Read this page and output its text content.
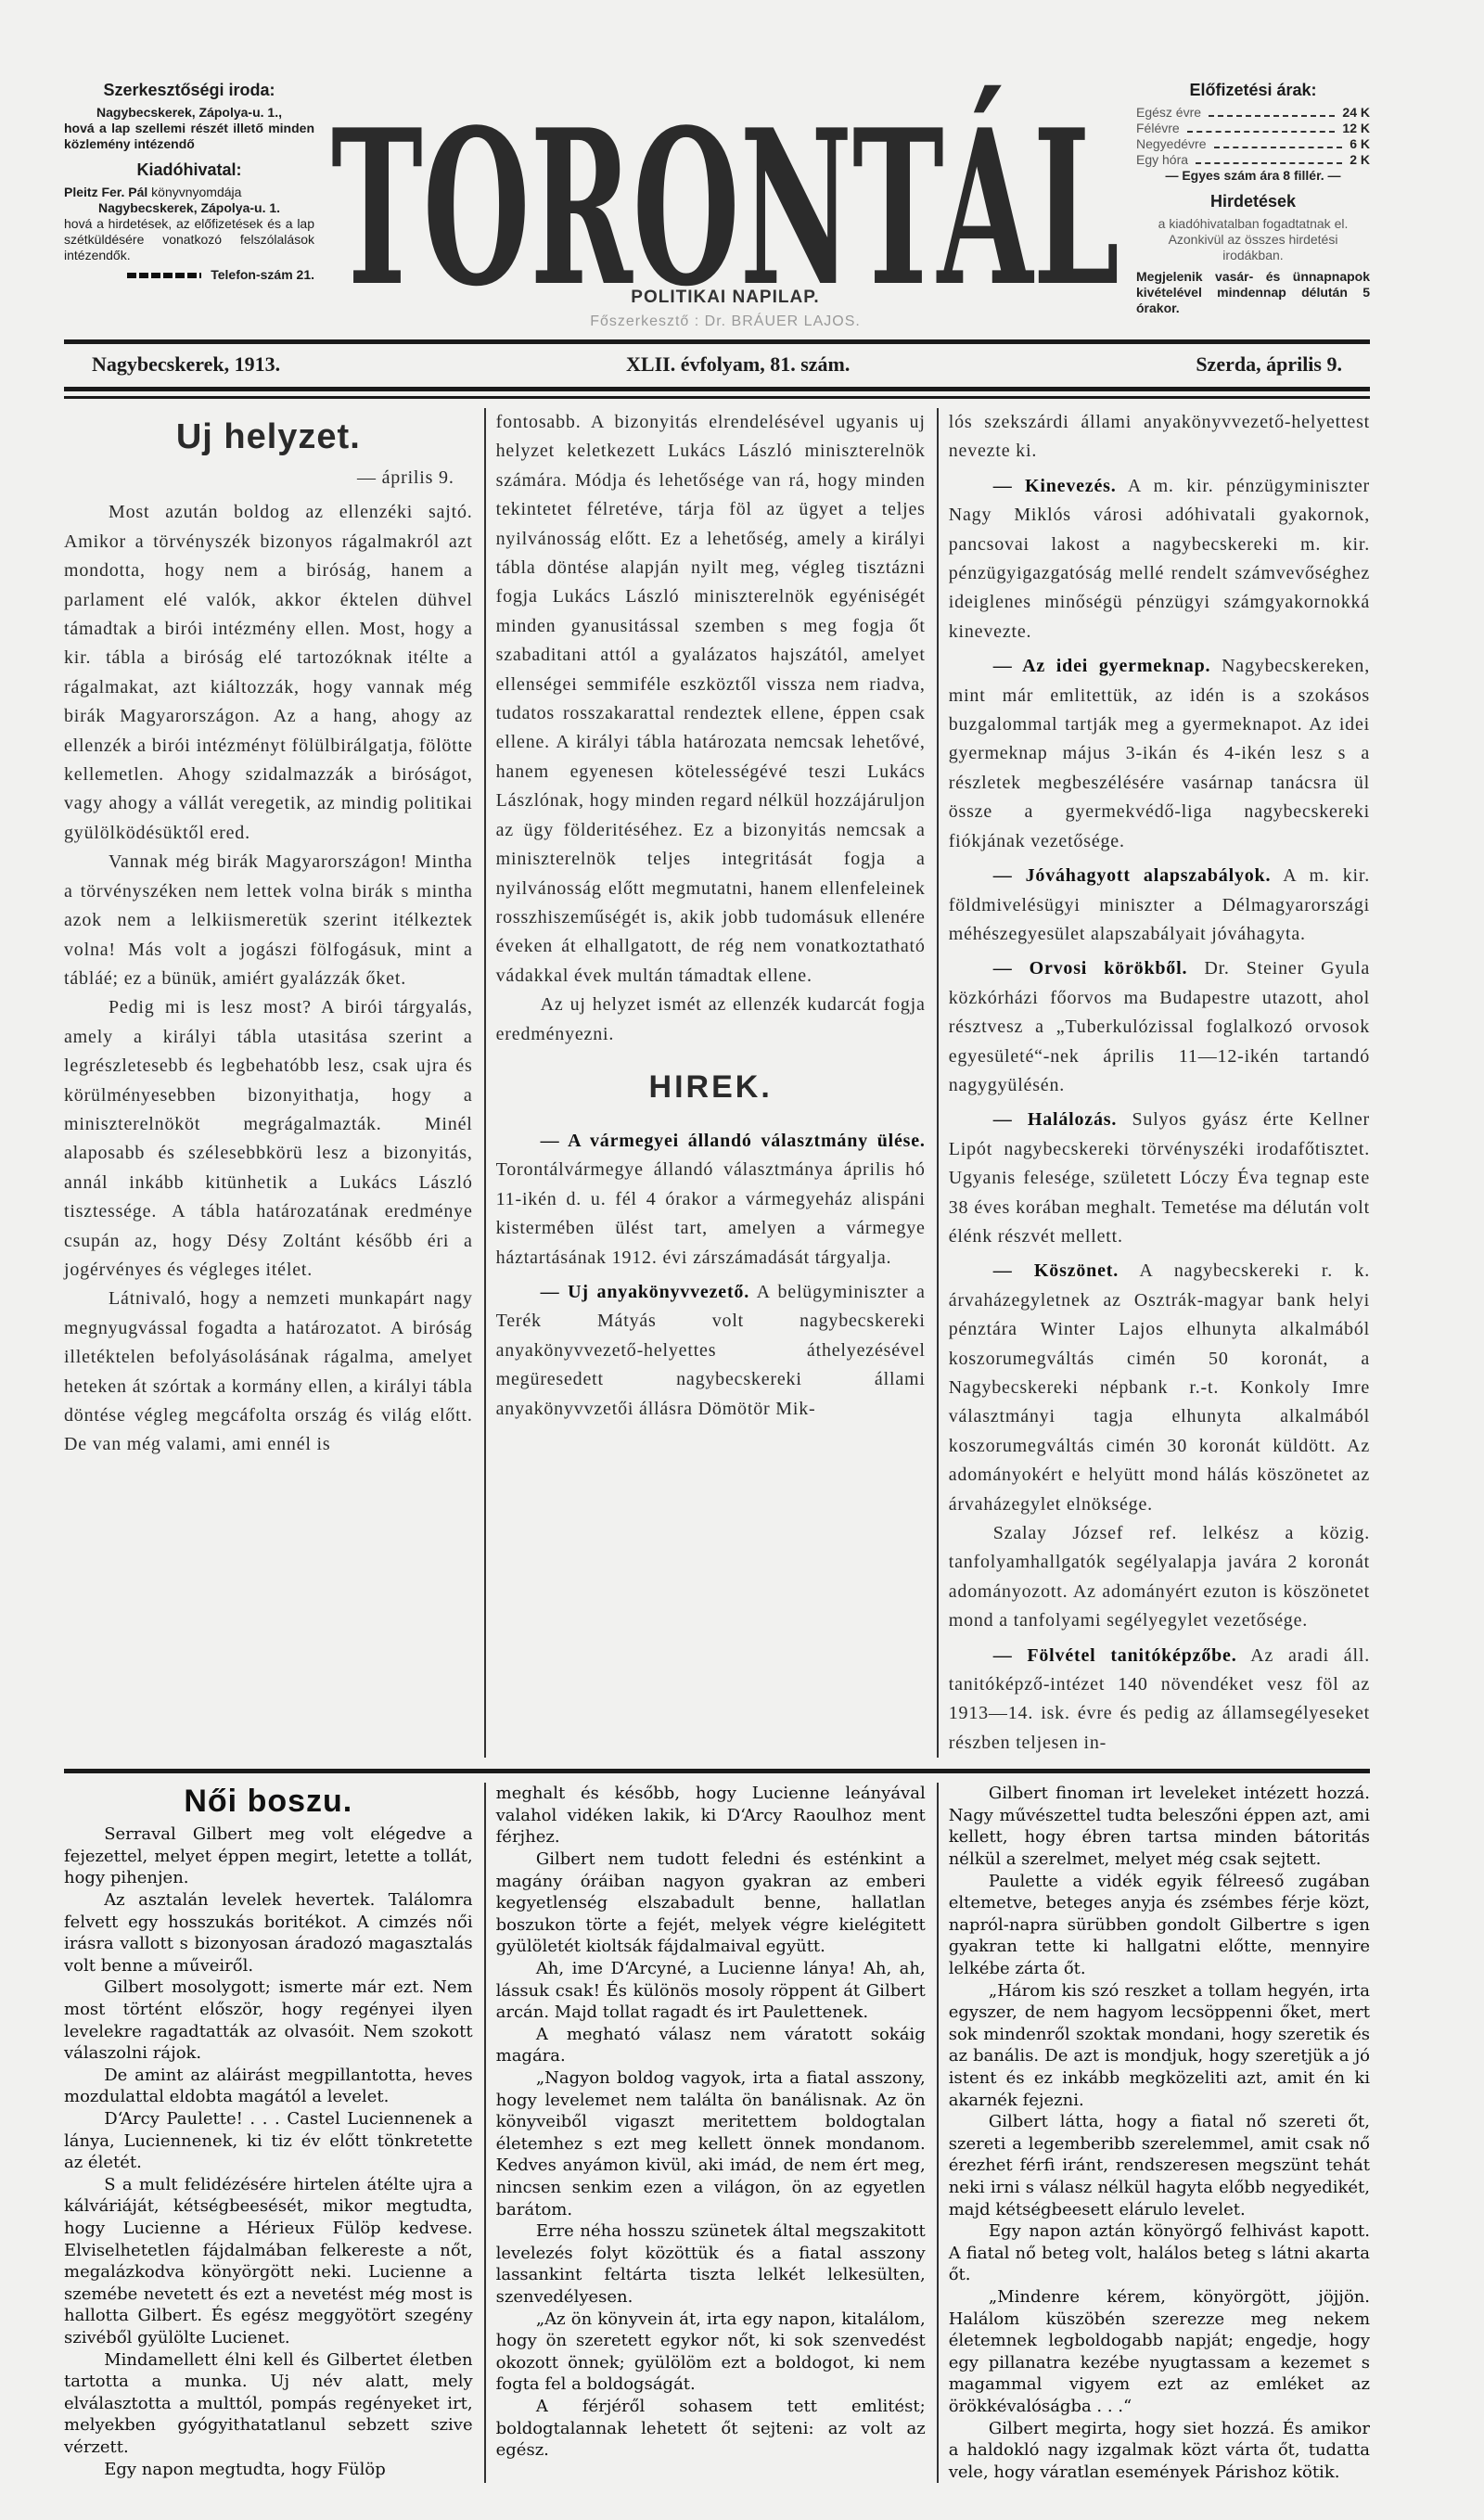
Szerkesztőségi iroda:
Nagybecskerek, Zápolya-u. 1.,
hová a lap szellemi részét illető minden közlemény intézendő
Kiadóhivatal:
Pleitz Fer. Pál könyvnyomdája
Nagybecskerek, Zápolya-u. 1.
hová a hirdetések, az előfizetések és a lap szétküldésére vonatkozó felszólalások intézendők.
Telefon-szám 21. TORONTÁL
POLITIKAI NAPILAP.
Főszerkesztő : Dr. BRÁUER LAJOS.
Előfizetési árak:
Egész évre	24 K
Félévre	12 K
Negyedévre	6 K
Egy hóra	2 K
— Egyes szám ára 8 fillér. —
Hirdetések
a kiadóhivatalban fogadtatnak el. Azonkivül az összes hirdetési irodákban.
Megjelenik vasár- és ünnapnapok kivételével mindennap délután 5 órakor.
Nagybecskerek, 1913.	XLII. évfolyam, 81. szám.	Szerda, április 9.
Uj helyzet.

— április 9.

Most azután boldog az ellenzéki sajtó. Amikor a törvényszék bizonyos rágalmakról azt mondotta, hogy nem a biróság, hanem a parlament elé valók, akkor éktelen dühvel támadtak a birói intézmény ellen. Most, hogy a kir. tábla a biróság elé tartozóknak itélte a rágalmakat, azt kiáltozzák, hogy vannak még birák Magyarországon. Az a hang, ahogy az ellenzék a birói intézményt fölülbirálgatja, fölötte kellemetlen. Ahogy szidalmazzák a biróságot, vagy ahogy a vállát veregetik, az mindig politikai gyülölködésüktől ered.

Vannak még birák Magyarországon! Mintha a törvényszéken nem lettek volna birák s mintha azok nem a lelkiismeretük szerint itélkeztek volna! Más volt a jogászi fölfogásuk, mint a tábláé; ez a bünük, amiért gyalázzák őket.

Pedig mi is lesz most? A birói tárgyalás, amely a királyi tábla utasitása szerint a legrészletesebb és legbehatóbb lesz, csak ujra és körülményesebben bizonyithatja, hogy a miniszterelnököt megrágalmazták. Minél alaposabb és szélesebbkörü lesz a bizonyitás, annál inkább kitünhetik a Lukács László tisztessége. A tábla határozatának eredménye csupán az, hogy Désy Zoltánt később éri a jogérvényes és végleges itélet.

Látnivaló, hogy a nemzeti munkapárt nagy megnyugvással fogadta a határozatot. A biróság illetéktelen befolyásolásának rágalma, amelyet heteken át szórtak a kormány ellen, a királyi tábla döntése végleg megcáfolta ország és világ előtt. De van még valami, ami ennél is

fontosabb. A bizonyitás elrendelésével ugyanis uj helyzet keletkezett Lukács László miniszterelnök számára. Módja és lehetősége van rá, hogy minden tekintetet félretéve, tárja föl az ügyet a teljes nyilvánosság előtt. Ez a lehetőség, amely a királyi tábla döntése alapján nyilt meg, végleg tisztázni fogja Lukács László miniszterelnök egyéniségét minden gyanusitással szemben s meg fogja őt szabaditani attól a gyalázatos hajszától, amelyet ellenségei semmiféle eszköztől vissza nem riadva, tudatos rosszakarattal rendeztek ellene, éppen csak ellene. A királyi tábla határozata nemcsak lehetővé, hanem egyenesen kötelességévé teszi Lukács Lászlónak, hogy minden regard nélkül hozzájáruljon az ügy földeritéséhez. Ez a bizonyitás nemcsak a miniszterelnök teljes integritását fogja a nyilvánosság előtt megmutatni, hanem ellenfeleinek rosszhiszeműségét is, akik jobb tudomásuk ellenére éveken át elhallgatott, de rég nem vonatkoztatható vádakkal évek multán támadtak ellene.

Az uj helyzet ismét az ellenzék kudarcát fogja eredményezni.

HIREK.

— A vármegyei állandó választmány ülése. Torontálvármegye állandó választmánya április hó 11-ikén d. u. fél 4 órakor a vármegyeház alispáni kistermében ülést tart, amelyen a vármegye háztartásának 1912. évi zárszámadását tárgyalja.

— Uj anyakönyvvezető. A belügyminiszter a Terék Mátyás volt nagybecskereki anyakönyvvezető-helyettes áthelyezésével megüresedett nagybecskereki állami anyakönyvvzetői állásra Dömötör Mik-

lós szekszárdi állami anyakönyvvezető-helyettest nevezte ki.

— Kinevezés. A m. kir. pénzügyminiszter Nagy Miklós városi adóhivatali gyakornok, pancsovai lakost a nagybecskereki m. kir. pénzügyigazgatóság mellé rendelt számvevőséghez ideiglenes minőségü pénzügyi számgyakornokká kinevezte.

— Az idei gyermeknap. Nagybecskereken, mint már emlitettük, az idén is a szokásos buzgalommal tartják meg a gyermeknapot. Az idei gyermeknap május 3-ikán és 4-ikén lesz s a részletek megbeszélésére vasárnap tanácsra ül össze a gyermekvédő-liga nagybecskereki fiókjának vezetősége.

— Jóváhagyott alapszabályok. A m. kir. földmivelésügyi miniszter a Délmagyarországi méhészegyesület alapszabályait jóváhagyta.

— Orvosi körökből. Dr. Steiner Gyula közkórházi főorvos ma Budapestre utazott, ahol résztvesz a „Tuberkulózissal foglalkozó orvosok egyesületé“-nek április 11—12-ikén tartandó nagygyülésén.

— Halálozás. Sulyos gyász érte Kellner Lipót nagybecskereki törvényszéki irodafőtisztet. Ugyanis felesége, született Lóczy Éva tegnap este 38 éves korában meghalt. Temetése ma délután volt élénk részvét mellett.

— Köszönet. A nagybecskereki r. k. árvaházegyletnek az Osztrák-magyar bank helyi pénztára Winter Lajos elhunyta alkalmából koszorumegváltás cimén 50 koronát, a Nagybecskereki népbank r.-t. Konkoly Imre választmányi tagja elhunyta alkalmából koszorumegváltás cimén 30 koronát küldött. Az adományokért e helyütt mond hálás köszönetet az árvaházegylet elnöksége.

Szalay József ref. lelkész a közig. tanfolyamhallgatók segélyalapja javára 2 koronát adományozott. Az adományért ezuton is köszönetet mond a tanfolyami segélyegylet vezetősége.

— Fölvétel tanitóképzőbe. Az aradi áll. tanitóképző-intézet 140 növendéket vesz föl az 1913—14. isk. évre és pedig az államsegélyeseket részben teljesen in-

Női boszu.

Serraval Gilbert meg volt elégedve a fejezettel, melyet éppen megirt, letette a tollát, hogy pihenjen.

Az asztalán levelek hevertek. Találomra felvett egy hosszukás boritékot. A cimzés női irásra vallott s bizonyosan áradozó magasztalás volt benne a műveiről.

Gilbert mosolygott; ismerte már ezt. Nem most történt először, hogy regényei ilyen levelekre ragadtatták az olvasóit. Nem szokott válaszolni rájok.

De amint az aláirást megpillantotta, heves mozdulattal eldobta magától a levelet.

D‘Arcy Paulette! . . . Castel Luciennenek a lánya, Luciennenek, ki tiz év előtt tönkretette az életét.

S a mult felidézésére hirtelen átélte ujra a kálváriáját, kétségbeesését, mikor megtudta, hogy Lucienne a Hérieux Fülöp kedvese. Elviselhetetlen fájdalmában felkereste a nőt, megalázkodva könyörgött neki. Lucienne a szemébe nevetett és ezt a nevetést még most is hallotta Gilbert. És egész meggyötört szegény szivéből gyülölte Lucienet.

Mindamellett élni kell és Gilbertet életben tartotta a munka. Uj név alatt, mely elválasztotta a multtól, pompás regényeket irt, melyekben gyógyithatatlanul sebzett szive vérzett.

Egy napon megtudta, hogy Fülöp

meghalt és később, hogy Lucienne leányával valahol vidéken lakik, ki D‘Arcy Raoulhoz ment férjhez.

Gilbert nem tudott feledni és esténkint a magány óráiban nagyon gyakran az emberi kegyetlenség elszabadult benne, hallatlan boszukon törte a fejét, melyek végre kielégitett gyülöletét kioltsák fájdalmaival együtt.

Ah, ime D‘Arcyné, a Lucienne lánya! Ah, ah, lássuk csak! És különös mosoly röppent át Gilbert arcán. Majd tollat ragadt és irt Paulettenek.

A megható válasz nem váratott sokáig magára.

„Nagyon boldog vagyok, irta a fiatal asszony, hogy levelemet nem találta ön banálisnak. Az ön könyveiből vigaszt meritettem boldogtalan életemhez s ezt meg kellett önnek mondanom. Kedves anyámon kivül, aki imád, de nem ért meg, nincsen senkim ezen a világon, ön az egyetlen barátom.

Erre néha hosszu szünetek által megszakitott levelezés folyt közöttük és a fiatal asszony lassankint feltárta tiszta lelkét lelkesülten, szenvedélyesen.

„Az ön könyvein át, irta egy napon, kitalálom, hogy ön szeretett egykor nőt, ki sok szenvedést okozott önnek; gyülölöm ezt a boldogot, ki nem fogta fel a boldogságát.

A férjéről sohasem tett emlitést; boldogtalannak lehetett őt sejteni: az volt az egész.

Gilbert finoman irt leveleket intézett hozzá. Nagy művészettel tudta beleszőni éppen azt, ami kellett, hogy ébren tartsa minden bátoritás nélkül a szerelmet, melyet még csak sejtett.

Paulette a vidék egyik félreeső zugában eltemetve, beteges anyja és zsémbes férje közt, napról-napra sürübben gondolt Gilbertre s igen gyakran tette ki hallgatni előtte, mennyire lelkébe zárta őt.

„Három kis szó reszket a tollam hegyén, irta egyszer, de nem hagyom lecsöppenni őket, mert sok mindenről szoktak mondani, hogy szeretik és az banális. De azt is mondjuk, hogy szeretjük a jó istent és ez inkább megközeliti azt, amit én ki akarnék fejezni.

Gilbert látta, hogy a fiatal nő szereti őt, szereti a legemberibb szerelemmel, amit csak nő érezhet férfi iránt, rendszeresen megszünt tehát neki irni s válasz nélkül hagyta előbb negyedikét, majd kétségbeesett elárulo levelet.

Egy napon aztán könyörgő felhivást kapott. A fiatal nő beteg volt, halálos beteg s látni akarta őt.

„Mindenre kérem, könyörgött, jöjjön. Halálom küszöbén szerezze meg nekem életemnek legboldogabb napját; engedje, hogy egy pillanatra kezébe nyugtassam a kezemet s magammal vigyem ezt az emléket az örökkévalóságba . . .“

Gilbert megirta, hogy siet hozzá. És amikor a haldokló nagy izgalmak közt várta őt, tudatta vele, hogy váratlan események Párishoz kötik.
